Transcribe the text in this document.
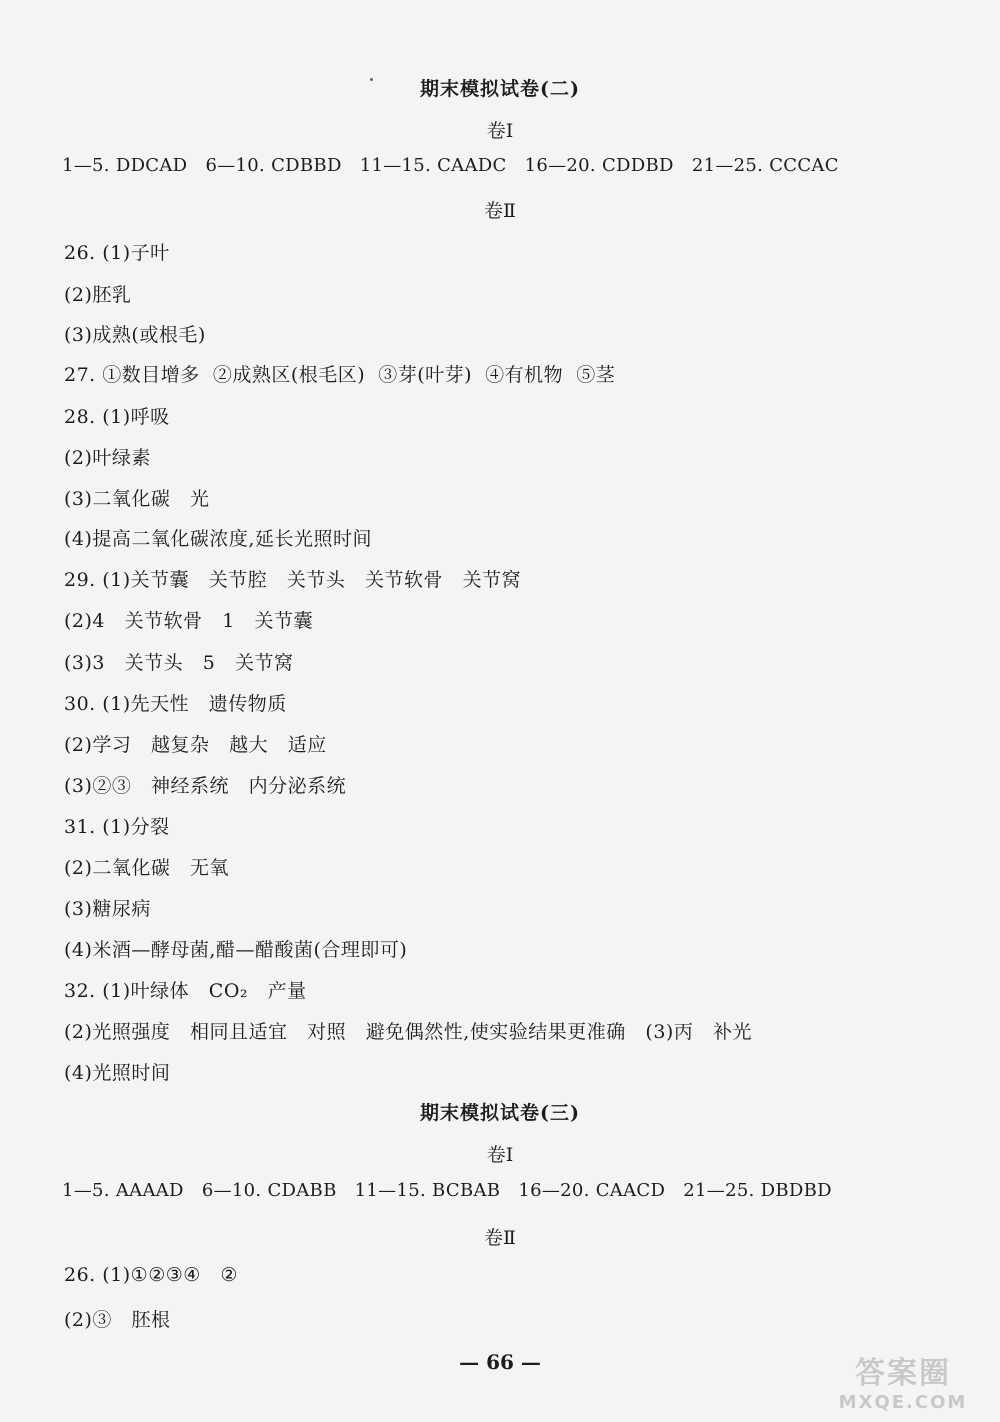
期末模拟试卷(二)
卷Ⅰ
1—5. DDCAD   6—10. CDBBD   11—15. CAADC   16—20. CDDBD   21—25. CCCAC
卷Ⅱ
26. (1)子叶
(2)胚乳
(3)成熟(或根毛)
27. ①数目增多  ②成熟区(根毛区)  ③芽(叶芽)  ④有机物  ⑤茎
28. (1)呼吸
(2)叶绿素
(3)二氧化碳   光
(4)提高二氧化碳浓度,延长光照时间
29. (1)关节囊   关节腔   关节头   关节软骨   关节窝
(2)4   关节软骨   1   关节囊
(3)3   关节头   5   关节窝
30. (1)先天性   遗传物质
(2)学习   越复杂   越大   适应
(3)②③   神经系统   内分泌系统
31. (1)分裂
(2)二氧化碳   无氧
(3)糖尿病
(4)米酒—酵母菌,醋—醋酸菌(合理即可)
32. (1)叶绿体   CO₂   产量
(2)光照强度   相同且适宜   对照   避免偶然性,使实验结果更准确   (3)丙   补光
(4)光照时间
期末模拟试卷(三)
卷Ⅰ
1—5. AAAAD   6—10. CDABB   11—15. BCBAB   16—20. CAACD   21—25. DBDBD
卷Ⅱ
26. (1)①②③④   ②
(2)③   胚根
— 66 —	答案圈
MXQE.COM
